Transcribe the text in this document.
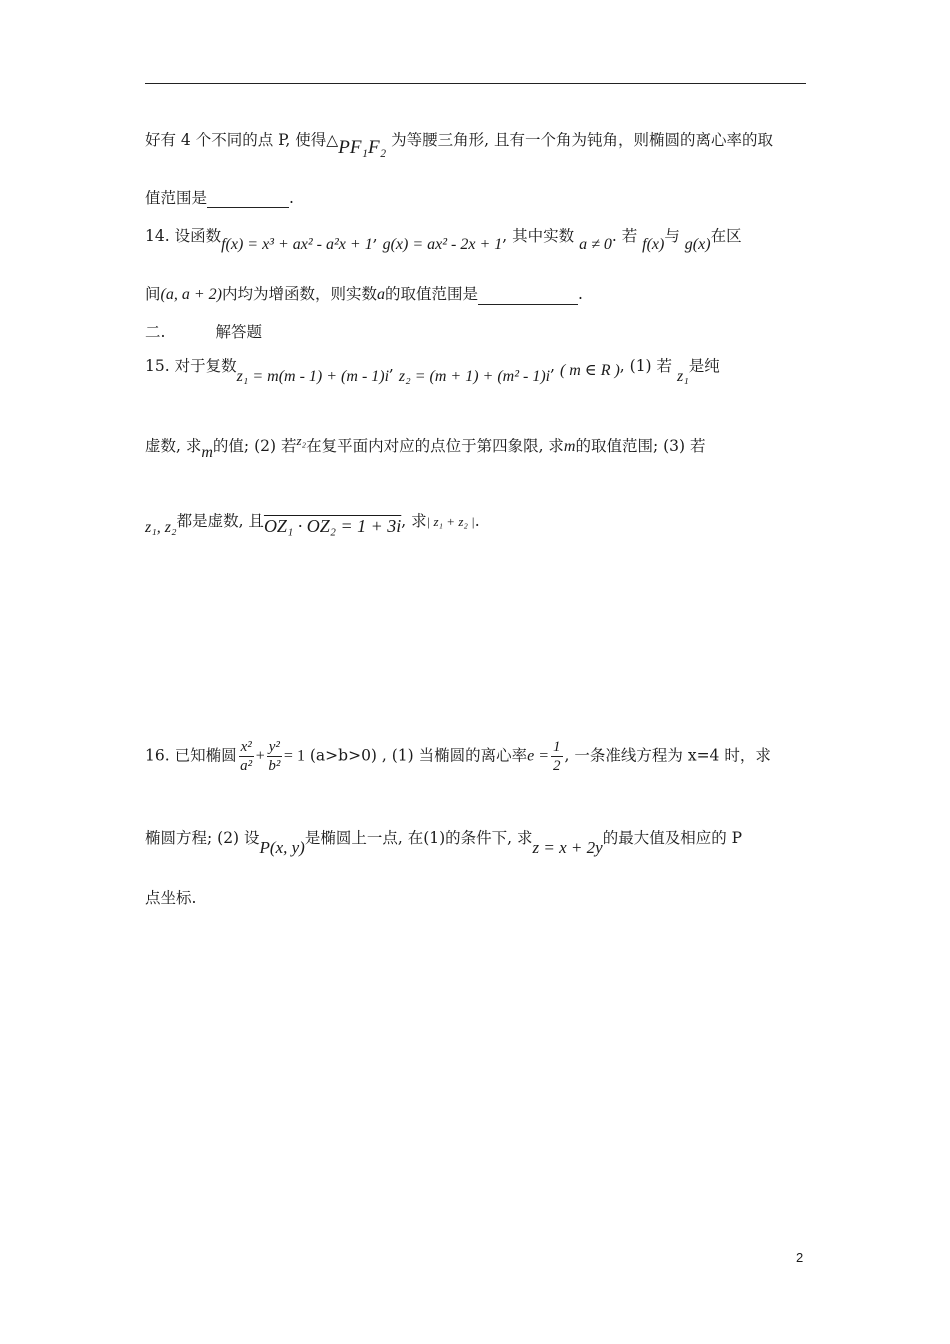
好有 4 个不同的点 P, 使得△PF₁F₂ 为等腰三角形, 且有一个角为钝角，则椭圆的离心率的取
值范围是	.
14. 设函数f(x) = x³ + ax² - a²x + 1, g(x) = ax² - 2x + 1, 其中实数 a ≠ 0. 若 f(x)与 g(x)在区
间(a, a + 2)内均为增函数，则实数a的取值范围是	.
二.	解答题
15. 对于复数z₁ = m(m - 1) + (m - 1)i, z₂ = (m + 1) + (m² - 1)i, ( m ∈ R ), (1) 若 z₁是纯
虚数, 求m的值; (2) 若$^{z_2}$在复平面内对应的点位于第四象限, 求m的取值范围; (3) 若
z₁, z₂都是虚数, 且OZ₁ · OZ₂ = 1 + 3i, 求| z₁ + z₂ |.
16. 已知椭圆 $\frac{\text{x²}}{\text{a²}} + \frac{\text{y²}}{\text{b²}} = 1$ (a>b>0) , (1) 当椭圆的离心率$e = \frac{1}{2}$ , 一条准线方程为 x=4 时，求
椭圆方程; (2) 设P(x, y)是椭圆上一点, 在(1)的条件下, 求z = x + 2y的最大值及相应的 P
点坐标.
2
